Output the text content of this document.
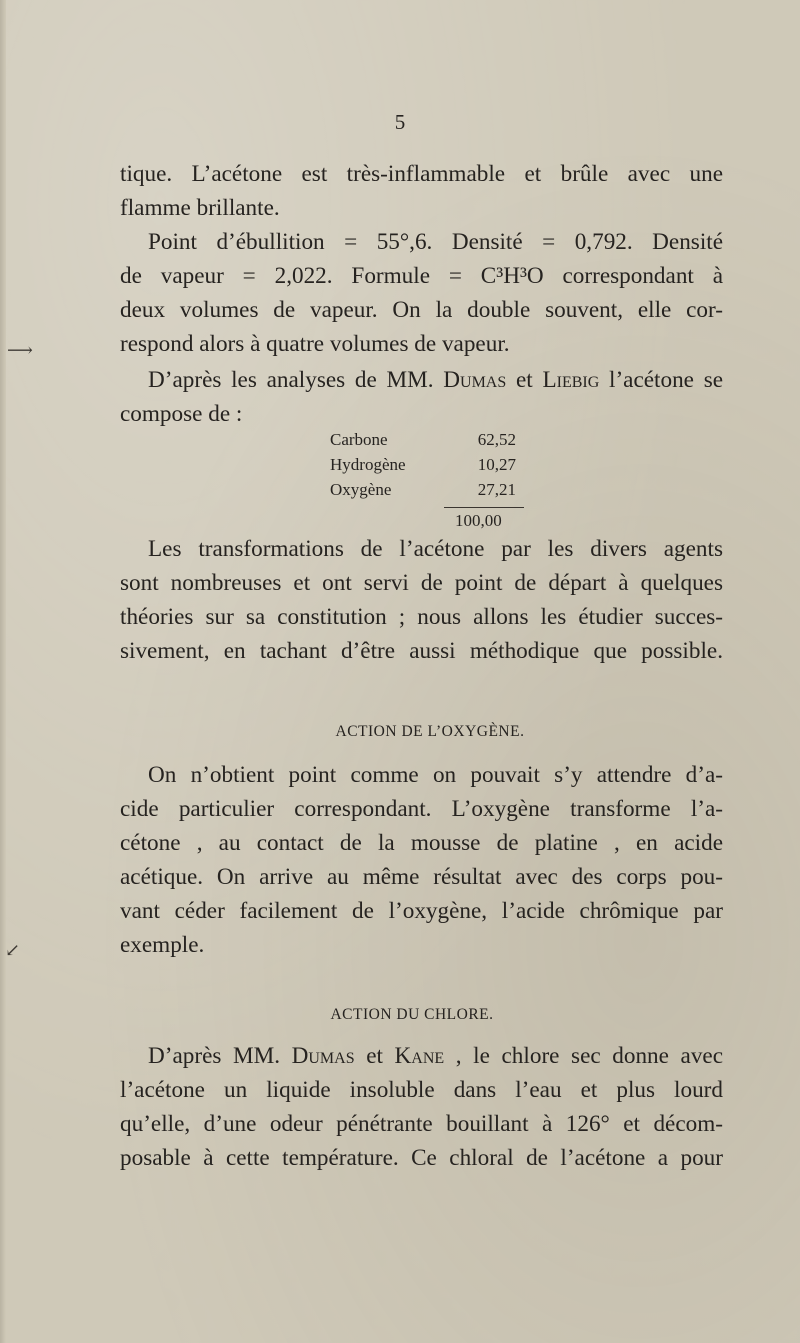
⟶
↙
5

tique. L’acétone est très-inflammable et brûle avec une

flamme brillante.

Point d’ébullition = 55°,6. Densité = 0,792. Densité

de vapeur = 2,022. Formule = C³H³O correspondant à

deux volumes de vapeur. On la double souvent, elle cor-

respond alors à quatre volumes de vapeur.

D’après les analyses de MM. Dumas et Liebig l’acétone se

compose de :

Carbone	62,52
Hydrogène	10,27
Oxygène	27,21
100,00

Les transformations de l’acétone par les divers agents

sont nombreuses et ont servi de point de départ à quelques

théories sur sa constitution ; nous allons les étudier succes-

sivement, en tachant d’être aussi méthodique que possible.

ACTION DE L’OXYGÈNE.

On n’obtient point comme on pouvait s’y attendre d’a-

cide particulier correspondant. L’oxygène transforme l’a-

cétone , au contact de la mousse de platine , en acide

acétique. On arrive au même résultat avec des corps pou-

vant céder facilement de l’oxygène, l’acide chrômique par

exemple.

ACTION DU CHLORE.

D’après MM. Dumas et Kane , le chlore sec donne avec

l’acétone un liquide insoluble dans l’eau et plus lourd

qu’elle, d’une odeur pénétrante bouillant à 126° et décom-

posable à cette température. Ce chloral de l’acétone a pour
